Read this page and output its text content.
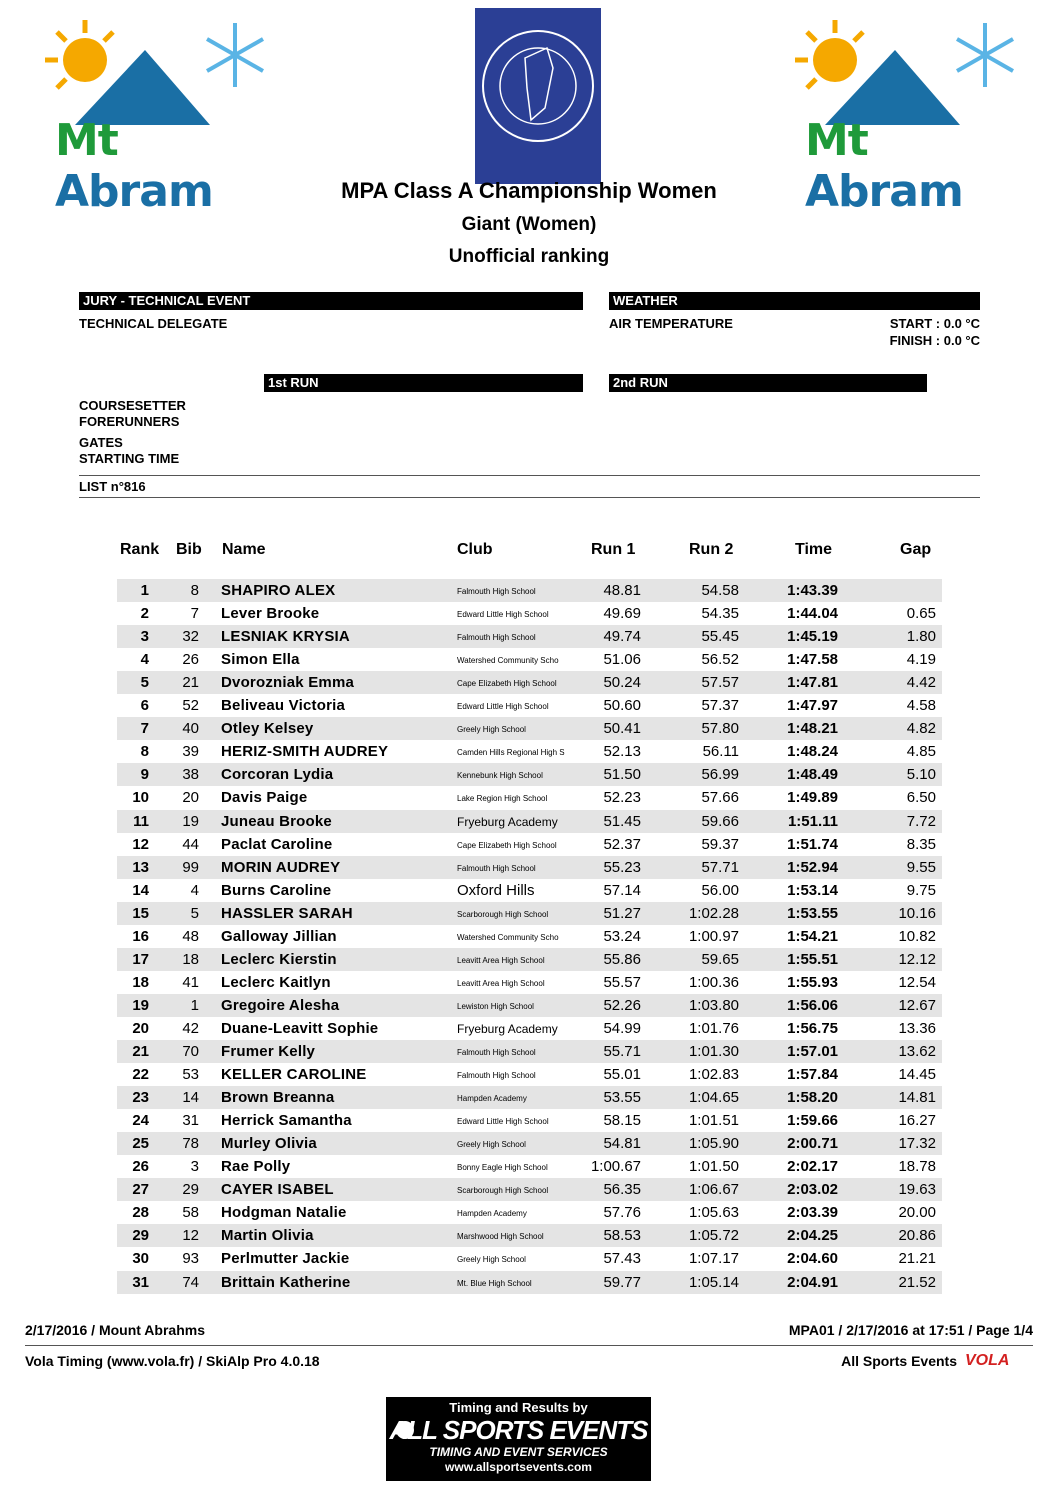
Mt Abram
Mt Abram
MPA Class A Championship Women
Giant (Women)
Unofficial ranking
JURY - TECHNICAL EVENT	WEATHER
TECHNICAL DELEGATE	AIR TEMPERATURE	START : 0.0 °C
FINISH : 0.0 °C
1st RUN	2nd RUN
COURSESETTER
FORERUNNERS
GATES
STARTING TIME
LIST n°816
Rank Bib Name	Club	Run 1	Run 2	Time	Gap
1	8 SHAPIRO ALEX	Falmouth High School	48.81	54.58	1:43.39
2	7 Lever Brooke	Edward Little High School	49.69	54.35	1:44.04	0.65
3	32 LESNIAK KRYSIA	Falmouth High School	49.74	55.45	1:45.19	1.80
4	26 Simon Ella	Watershed Community Scho	51.06	56.52	1:47.58	4.19
5	21 Dvorozniak Emma	Cape Elizabeth High School	50.24	57.57	1:47.81	4.42
6	52 Beliveau Victoria	Edward Little High School	50.60	57.37	1:47.97	4.58
7	40 Otley Kelsey	Greely High School	50.41	57.80	1:48.21	4.82
8	39 HERIZ-SMITH AUDREY	Camden Hills Regional High S	52.13	56.11	1:48.24	4.85
9	38 Corcoran Lydia	Kennebunk High School	51.50	56.99	1:48.49	5.10
10	20 Davis Paige	Lake Region High School	52.23	57.66	1:49.89	6.50
11	19 Juneau Brooke	Fryeburg Academy	51.45	59.66	1:51.11	7.72
12	44 Paclat Caroline	Cape Elizabeth High School	52.37	59.37	1:51.74	8.35
13	99 MORIN AUDREY	Falmouth High School	55.23	57.71	1:52.94	9.55
14	4 Burns Caroline	Oxford Hills	57.14	56.00	1:53.14	9.75
15	5 HASSLER SARAH	Scarborough High School	51.27	1:02.28	1:53.55	10.16
16	48 Galloway Jillian	Watershed Community Scho	53.24	1:00.97	1:54.21	10.82
17	18 Leclerc Kierstin	Leavitt Area High School	55.86	59.65	1:55.51	12.12
18	41 Leclerc Kaitlyn	Leavitt Area High School	55.57	1:00.36	1:55.93	12.54
19	1 Gregoire Alesha	Lewiston High School	52.26	1:03.80	1:56.06	12.67
20	42 Duane-Leavitt Sophie	Fryeburg Academy	54.99	1:01.76	1:56.75	13.36
21	70 Frumer Kelly	Falmouth High School	55.71	1:01.30	1:57.01	13.62
22	53 KELLER CAROLINE	Falmouth High School	55.01	1:02.83	1:57.84	14.45
23	14 Brown Breanna	Hampden Academy	53.55	1:04.65	1:58.20	14.81
24	31 Herrick Samantha	Edward Little High School	58.15	1:01.51	1:59.66	16.27
25	78 Murley Olivia	Greely High School	54.81	1:05.90	2:00.71	17.32
26	3 Rae Polly	Bonny Eagle High School	1:00.67	1:01.50	2:02.17	18.78
27	29 CAYER ISABEL	Scarborough High School	56.35	1:06.67	2:03.02	19.63
28	58 Hodgman Natalie	Hampden Academy	57.76	1:05.63	2:03.39	20.00
29	12 Martin Olivia	Marshwood High School	58.53	1:05.72	2:04.25	20.86
30	93 Perlmutter Jackie	Greely High School	57.43	1:07.17	2:04.60	21.21
31	74 Brittain Katherine	Mt. Blue High School	59.77	1:05.14	2:04.91	21.52
2/17/2016 / Mount Abrahms	MPA01 / 2/17/2016 at 17:51 / Page 1/4
Vola Timing (www.vola.fr) / SkiAlp Pro 4.0.18	All Sports Events VOLA
Timing and Results by
ALL SPORTS EVENTS
TIMING AND EVENT SERVICES
www.allsportsevents.com
